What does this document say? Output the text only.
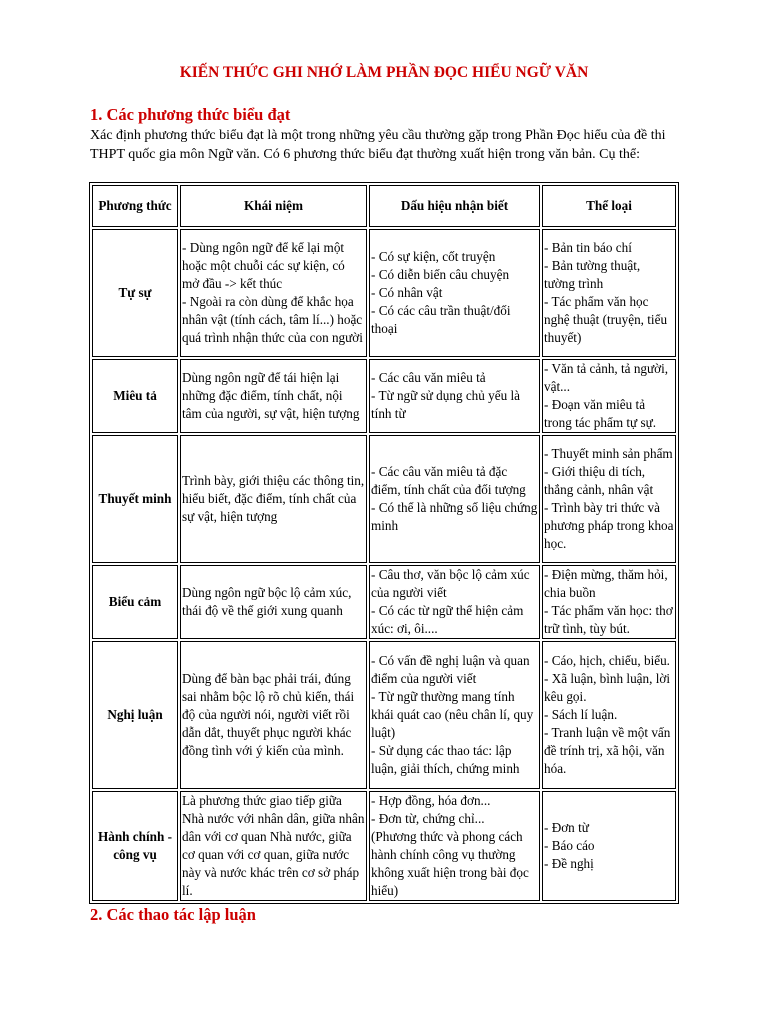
KIẾN THỨC GHI NHỚ LÀM PHẦN ĐỌC HIỂU NGỮ VĂN
1. Các phương thức biểu đạt
Xác định phương thức biểu đạt là một trong những yêu cầu thường gặp trong Phần Đọc hiểu của đề thi THPT quốc gia môn Ngữ văn. Có 6 phương thức biểu đạt thường xuất hiện trong văn bản. Cụ thể:
Phương thức	Khái niệm	Dấu hiệu nhận biết	Thể loại
Tự sự	- Dùng ngôn ngữ để kể lại một hoặc một chuỗi các sự kiện, có mở đầu -> kết thúc
- Ngoài ra còn dùng để khắc họa nhân vật (tính cách, tâm lí...) hoặc quá trình nhận thức của con người	- Có sự kiện, cốt truyện
- Có diễn biến câu chuyện
- Có nhân vật
- Có các câu trần thuật/đối thoại	- Bản tin báo chí
- Bản tường thuật, tường trình
- Tác phẩm văn học nghệ thuật (truyện, tiểu thuyết)

Miêu tả	Dùng ngôn ngữ để tái hiện lại những đặc điểm, tính chất, nội tâm của người, sự vật, hiện tượng	- Các câu văn miêu tả
- Từ ngữ sử dụng chủ yếu là tính từ	- Văn tả cảnh, tả người, vật...
- Đoạn văn miêu tả trong tác phẩm tự sự.

Thuyết minh	Trình bày, giới thiệu các thông tin, hiểu biết, đặc điểm, tính chất của sự vật, hiện tượng	- Các câu văn miêu tả đặc điểm, tính chất của đối tượng
- Có thể là những số liệu chứng minh	- Thuyết minh sản phẩm
- Giới thiệu di tích, thắng cảnh, nhân vật
- Trình bày tri thức và phương pháp trong khoa học.

Biểu cảm	Dùng ngôn ngữ bộc lộ cảm xúc, thái độ về thế giới xung quanh	- Câu thơ, văn bộc lộ cảm xúc của người viết
- Có các từ ngữ thể hiện cảm xúc: ơi, ôi....	- Điện mừng, thăm hỏi, chia buồn
- Tác phẩm văn học: thơ trữ tình, tùy bút.

Nghị luận	Dùng để bàn bạc phải trái, đúng sai nhằm bộc lộ rõ chủ kiến, thái độ của người nói, người viết rồi dẫn dắt, thuyết phục người khác đồng tình với ý kiến của mình.	- Có vấn đề nghị luận và quan điểm của người viết
- Từ ngữ thường mang tính khái quát cao (nêu chân lí, quy luật)
- Sử dụng các thao tác: lập luận, giải thích, chứng minh	- Cáo, hịch, chiếu, biểu.
- Xã luận, bình luận, lời kêu gọi.
- Sách lí luận.
- Tranh luận về một vấn đề trính trị, xã hội, văn hóa.

Hành chính - công vụ	Là phương thức giao tiếp giữa Nhà nước với nhân dân, giữa nhân dân với cơ quan Nhà nước, giữa cơ quan với cơ quan, giữa nước này và nước khác trên cơ sở pháp lí.	- Hợp đồng, hóa đơn...
- Đơn từ, chứng chỉ...
(Phương thức và phong cách hành chính công vụ thường không xuất hiện trong bài đọc hiểu)	- Đơn từ
- Báo cáo
- Đề nghị
2. Các thao tác lập luận
